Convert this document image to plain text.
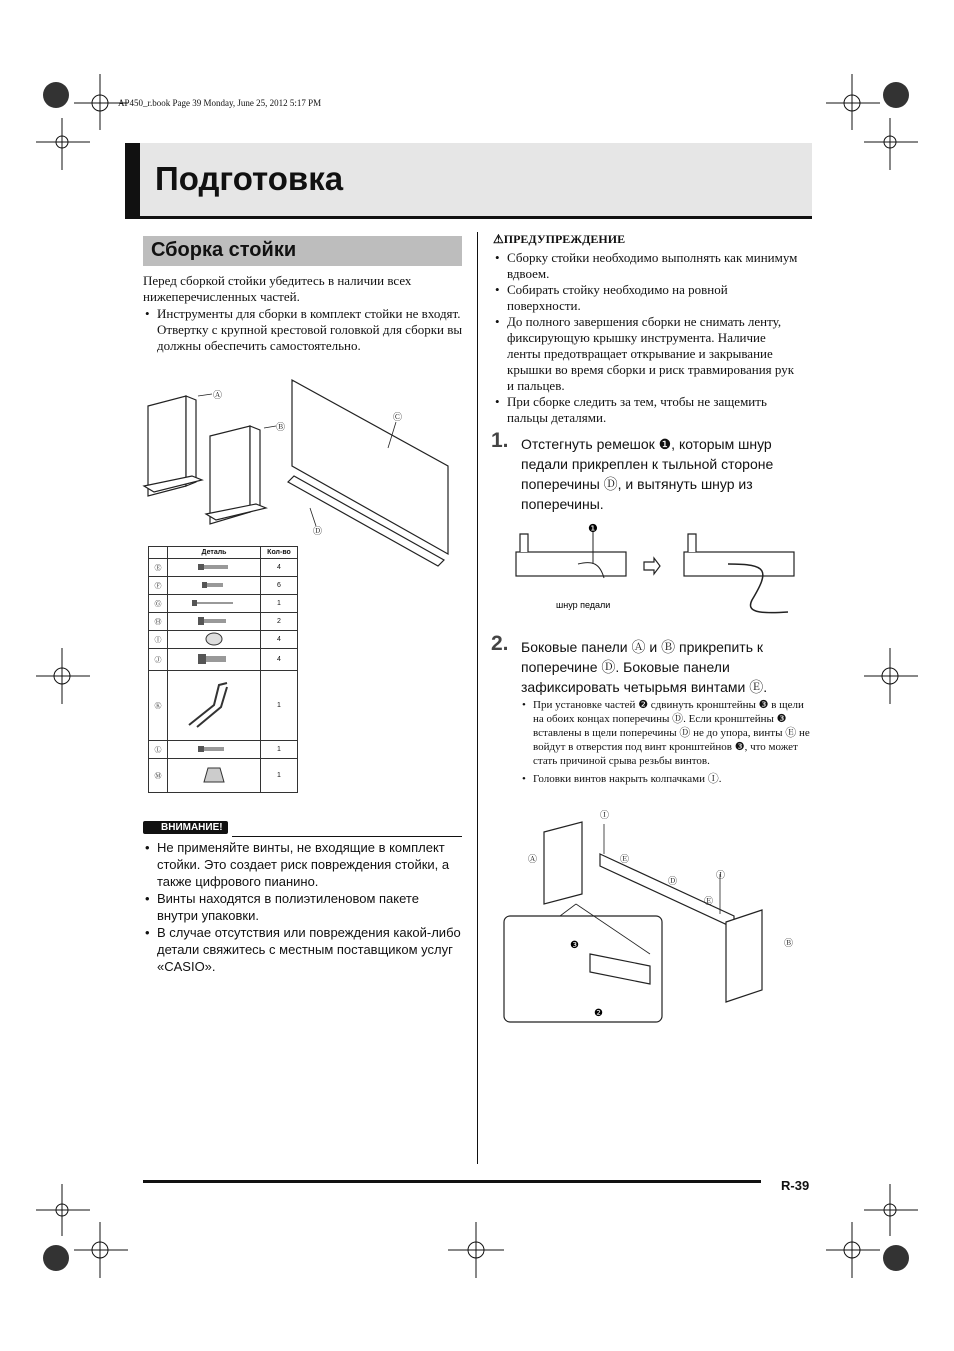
AP450_r.book Page 39 Monday, June 25, 2012 5:17 PM
Подготовка
Сборка стойки
Перед сборкой стойки убедитесь в наличии всех нижеперечисленных частей.
• Инструменты для сборки в комплект стойки не входят. Отвертку с крупной крестовой головкой для сборки вы должны обеспечить самостоятельно.
Ⓐ
Ⓑ
Ⓒ
Ⓓ
	Деталь	Кол-во
Ⓔ		4
Ⓕ		6
Ⓖ		1
Ⓗ		2
Ⓘ		4
Ⓙ		4
Ⓚ		1
Ⓛ		1
Ⓜ		1
ВНИМАНИЕ!
• Не применяйте винты, не входящие в комплект стойки. Это создает риск повреждения стойки, а также цифрового пианино.
• Винты находятся в полиэтиленовом пакете внутри упаковки.
• В случае отсутствия или повреждения какой-либо детали свяжитесь с местным поставщиком услуг «CASIO».
⚠ПРЕДУПРЕЖДЕНИЕ
• Сборку стойки необходимо выполнять как минимум вдвоем.
• Собирать стойку необходимо на ровной поверхности.
• До полного завершения сборки не снимать ленту, фиксирующую крышку инструмента. Наличие ленты предотвращает открывание и закрывание крышки во время сборки и риск травмирования рук и пальцев.
• При сборке следить за тем, чтобы не защемить пальцы деталями.
1. Отстегнуть ремешок ❶, которым шнур педали прикреплен к тыльной стороне поперечины Ⓓ, и вытянуть шнур из поперечины.
❶
шнур педали
2. Боковые панели Ⓐ и Ⓑ прикрепить к поперечине Ⓓ. Боковые панели зафиксировать четырьмя винтами Ⓔ.
• При установке частей ❷ сдвинуть кронштейны ❸ в щели на обоих концах поперечины Ⓓ. Если кронштейны ❸ вставлены в щели поперечины Ⓓ не до упора, винты Ⓔ не войдут в отверстия под винт кронштейнов ❸, что может стать причиной срыва резьбы винтов.
• Головки винтов накрыть колпачками Ⓘ.
Ⓐ
Ⓑ
Ⓓ
Ⓔ
Ⓔ
Ⓘ
Ⓘ
❸
❷
R-39
